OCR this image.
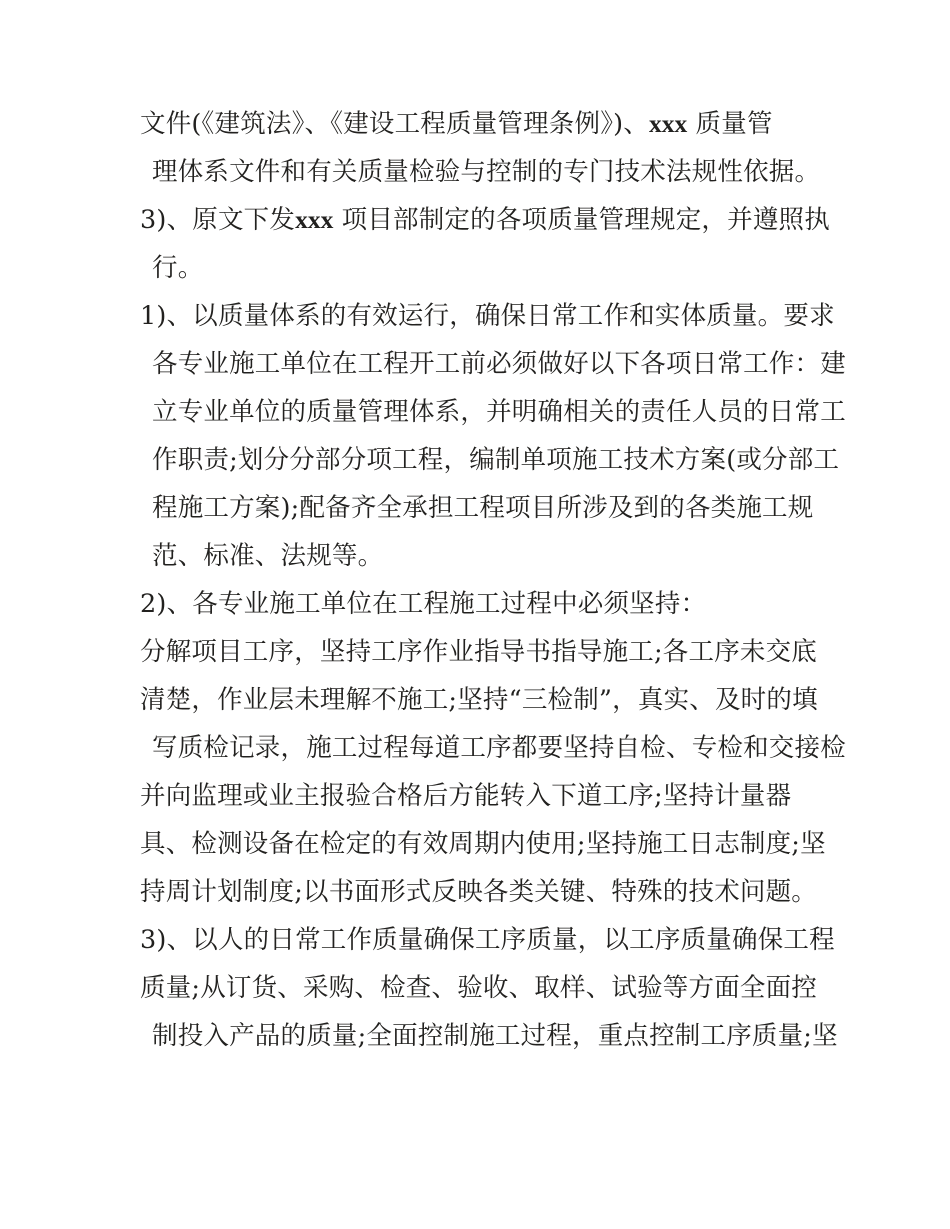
文件(《建筑法》、《建设工程质量管理条例》)、xxx 质量管
理体系文件和有关质量检验与控制的专门技术法规性依据。
3)、原文下发xxx 项目部制定的各项质量管理规定，并遵照执
行。
1)、以质量体系的有效运行，确保日常工作和实体质量。要求
各专业施工单位在工程开工前必须做好以下各项日常工作：建
立专业单位的质量管理体系，并明确相关的责任人员的日常工
作职责;划分分部分项工程，编制单项施工技术方案(或分部工
程施工方案);配备齐全承担工程项目所涉及到的各类施工规
范、标准、法规等。
2)、各专业施工单位在工程施工过程中必须坚持：
分解项目工序，坚持工序作业指导书指导施工;各工序未交底
清楚，作业层未理解不施工;坚持“三检制”，真实、及时的填
写质检记录，施工过程每道工序都要坚持自检、专检和交接检
并向监理或业主报验合格后方能转入下道工序;坚持计量器
具、检测设备在检定的有效周期内使用;坚持施工日志制度;坚
持周计划制度;以书面形式反映各类关键、特殊的技术问题。
3)、以人的日常工作质量确保工序质量，以工序质量确保工程
质量;从订货、采购、检查、验收、取样、试验等方面全面控
制投入产品的质量;全面控制施工过程，重点控制工序质量;坚
